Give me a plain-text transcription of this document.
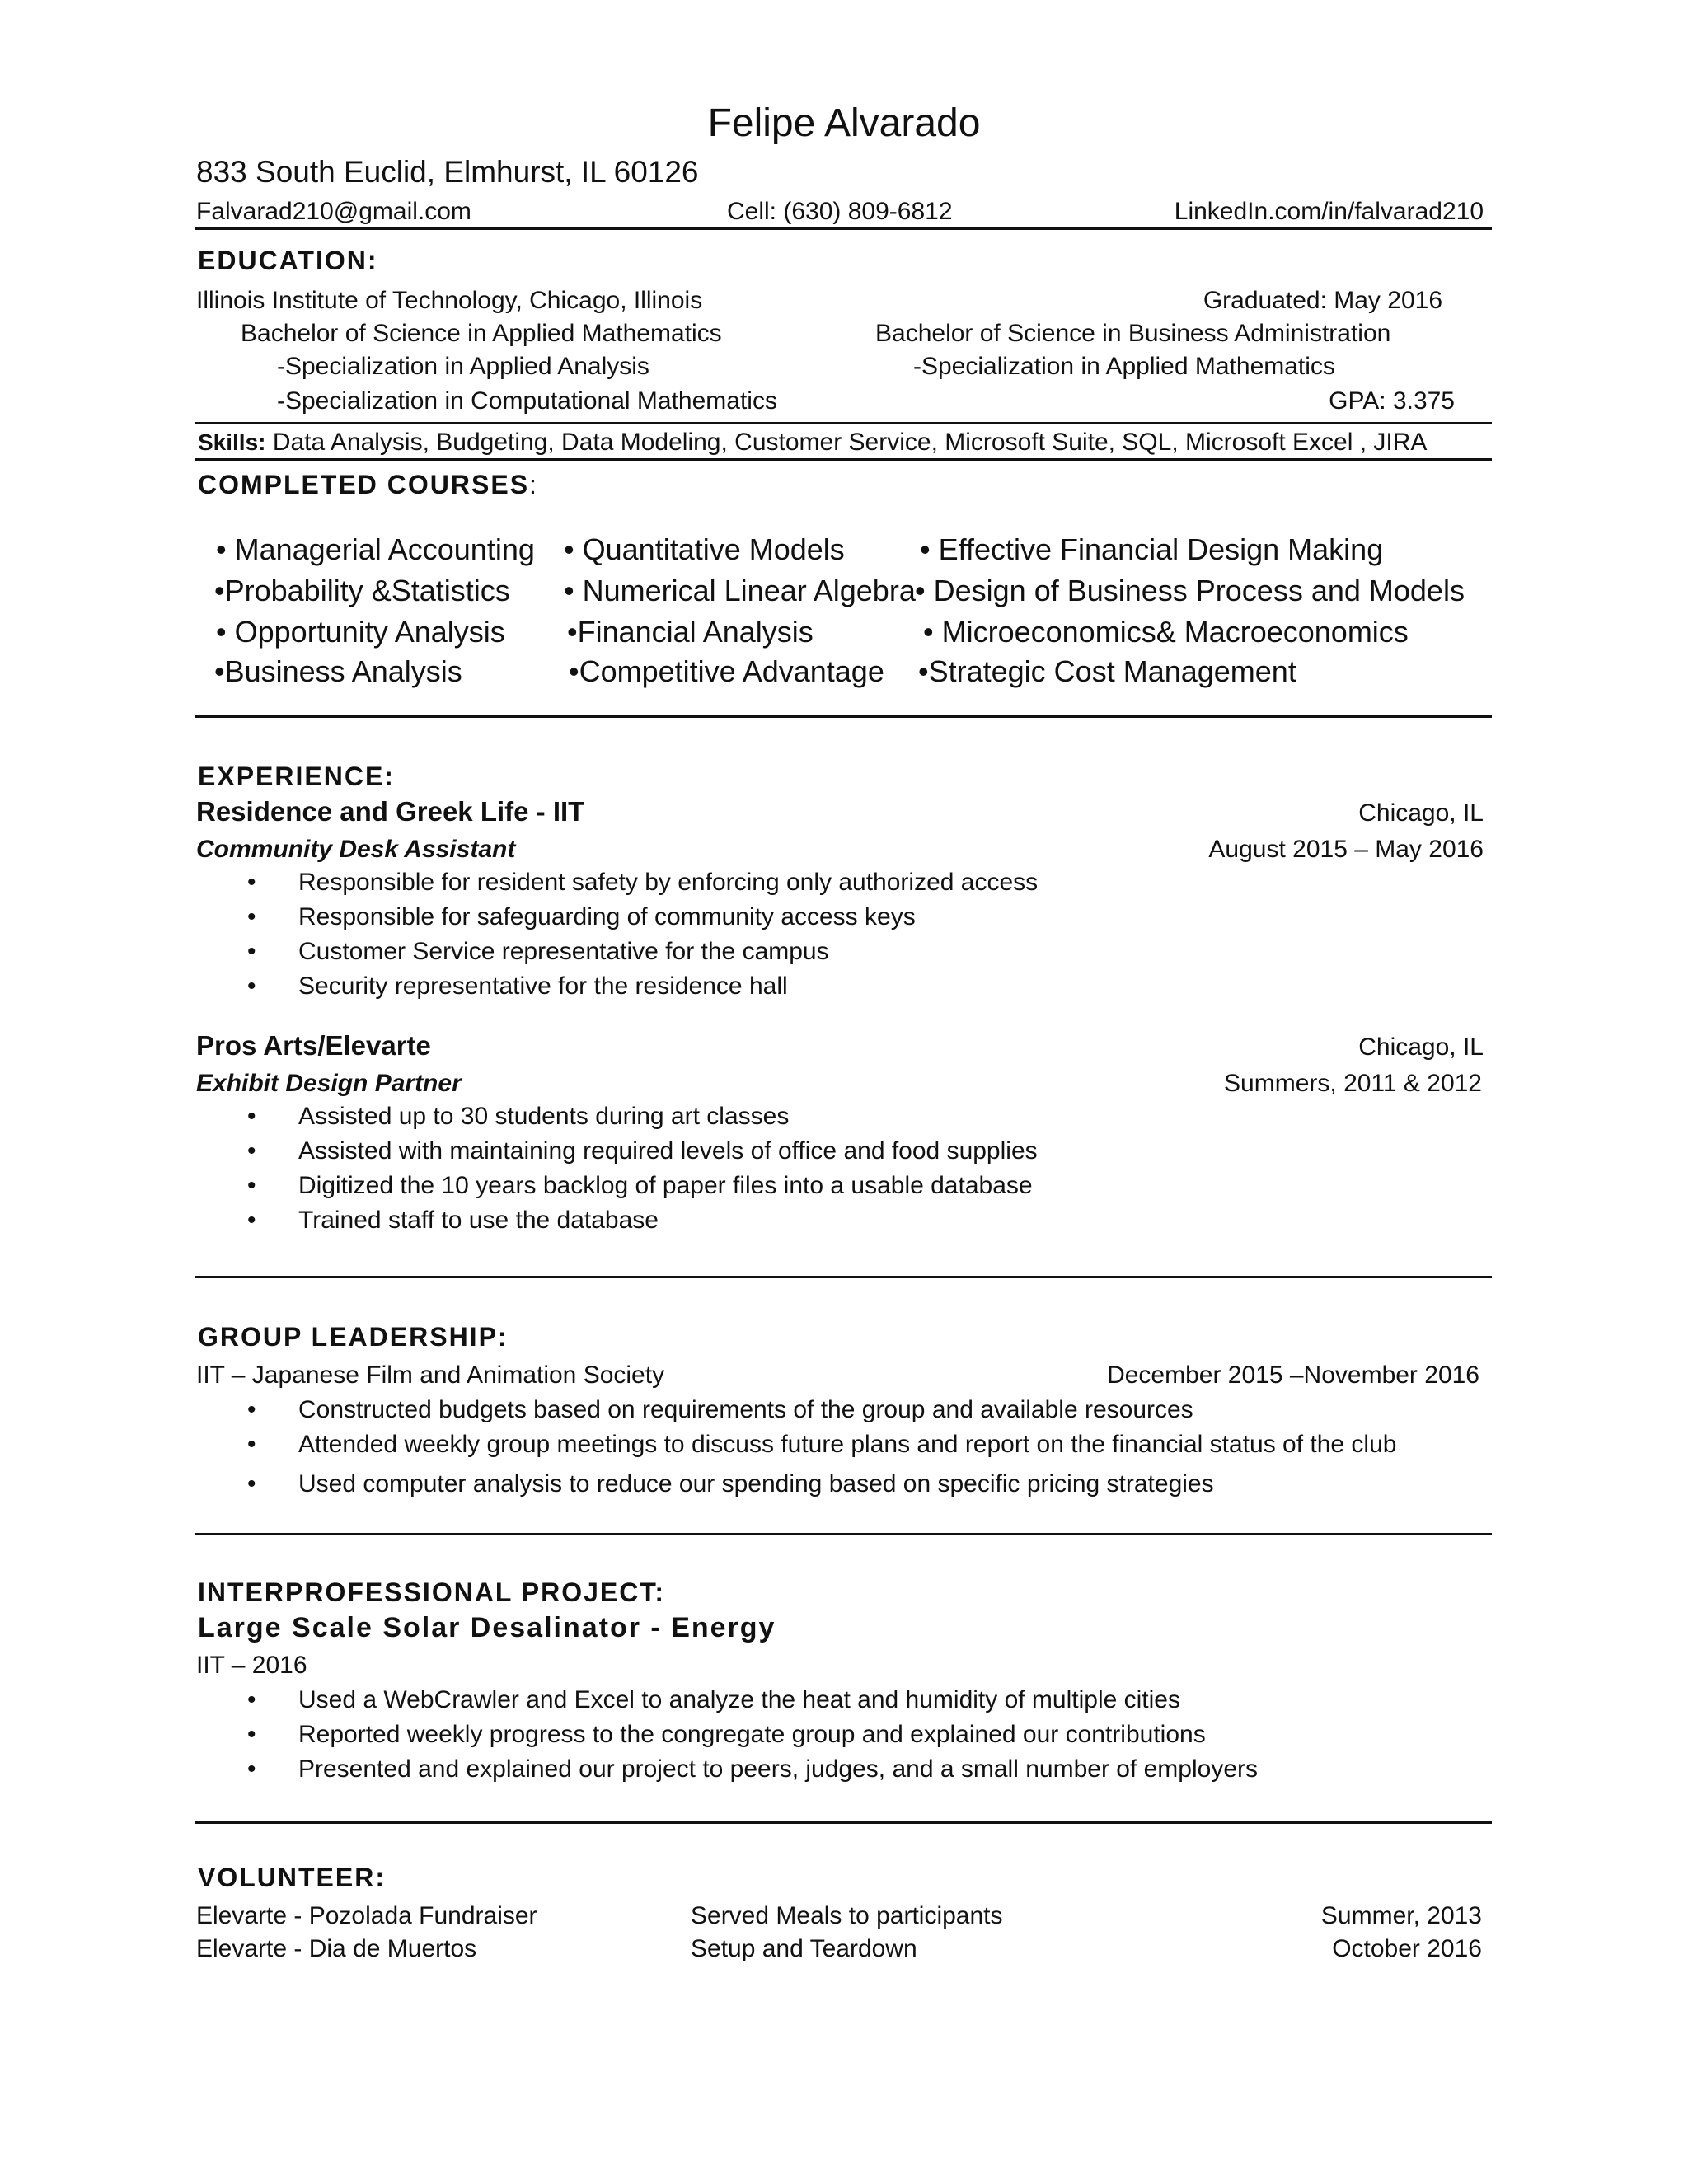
Felipe Alvarado
833 South Euclid, Elmhurst, IL 60126
Falvarad210@gmail.com	Cell: (630) 809-6812	LinkedIn.com/in/falvarad210
EDUCATION:
Illinois Institute of Technology, Chicago, Illinois	Graduated: May 2016
Bachelor of Science in Applied Mathematics	Bachelor of Science in Business Administration
-Specialization in Applied Analysis	-Specialization in Applied Mathematics
-Specialization in Computational Mathematics	GPA: 3.375
Skills: Data Analysis, Budgeting, Data Modeling, Customer Service, Microsoft Suite, SQL, Microsoft Excel , JIRA
COMPLETED COURSES:
• Managerial Accounting • Quantitative Models	• Effective Financial Design Making
•Probability &Statistics • Numerical Linear Algebra • Design of Business Process and Models
• Opportunity Analysis •Financial Analysis	• Microeconomics& Macroeconomics
•Business Analysis	•Competitive Advantage •Strategic Cost Management
EXPERIENCE:
Residence and Greek Life - IIT	Chicago, IL
Community Desk Assistant	August 2015 – May 2016
• Responsible for resident safety by enforcing only authorized access
• Responsible for safeguarding of community access keys
• Customer Service representative for the campus
• Security representative for the residence hall
Pros Arts/Elevarte	Chicago, IL
Exhibit Design Partner	Summers, 2011 & 2012
• Assisted up to 30 students during art classes
• Assisted with maintaining required levels of office and food supplies
• Digitized the 10 years backlog of paper files into a usable database
• Trained staff to use the database
GROUP LEADERSHIP:
IIT – Japanese Film and Animation Society	December 2015 –November 2016
• Constructed budgets based on requirements of the group and available resources
• Attended weekly group meetings to discuss future plans and report on the financial status of the club
• Used computer analysis to reduce our spending based on specific pricing strategies
INTERPROFESSIONAL PROJECT:
Large Scale Solar Desalinator - Energy
IIT – 2016
• Used a WebCrawler and Excel to analyze the heat and humidity of multiple cities
• Reported weekly progress to the congregate group and explained our contributions
• Presented and explained our project to peers, judges, and a small number of employers
VOLUNTEER:
Elevarte - Pozolada Fundraiser	Served Meals to participants	Summer, 2013
Elevarte - Dia de Muertos	Setup and Teardown	October 2016
